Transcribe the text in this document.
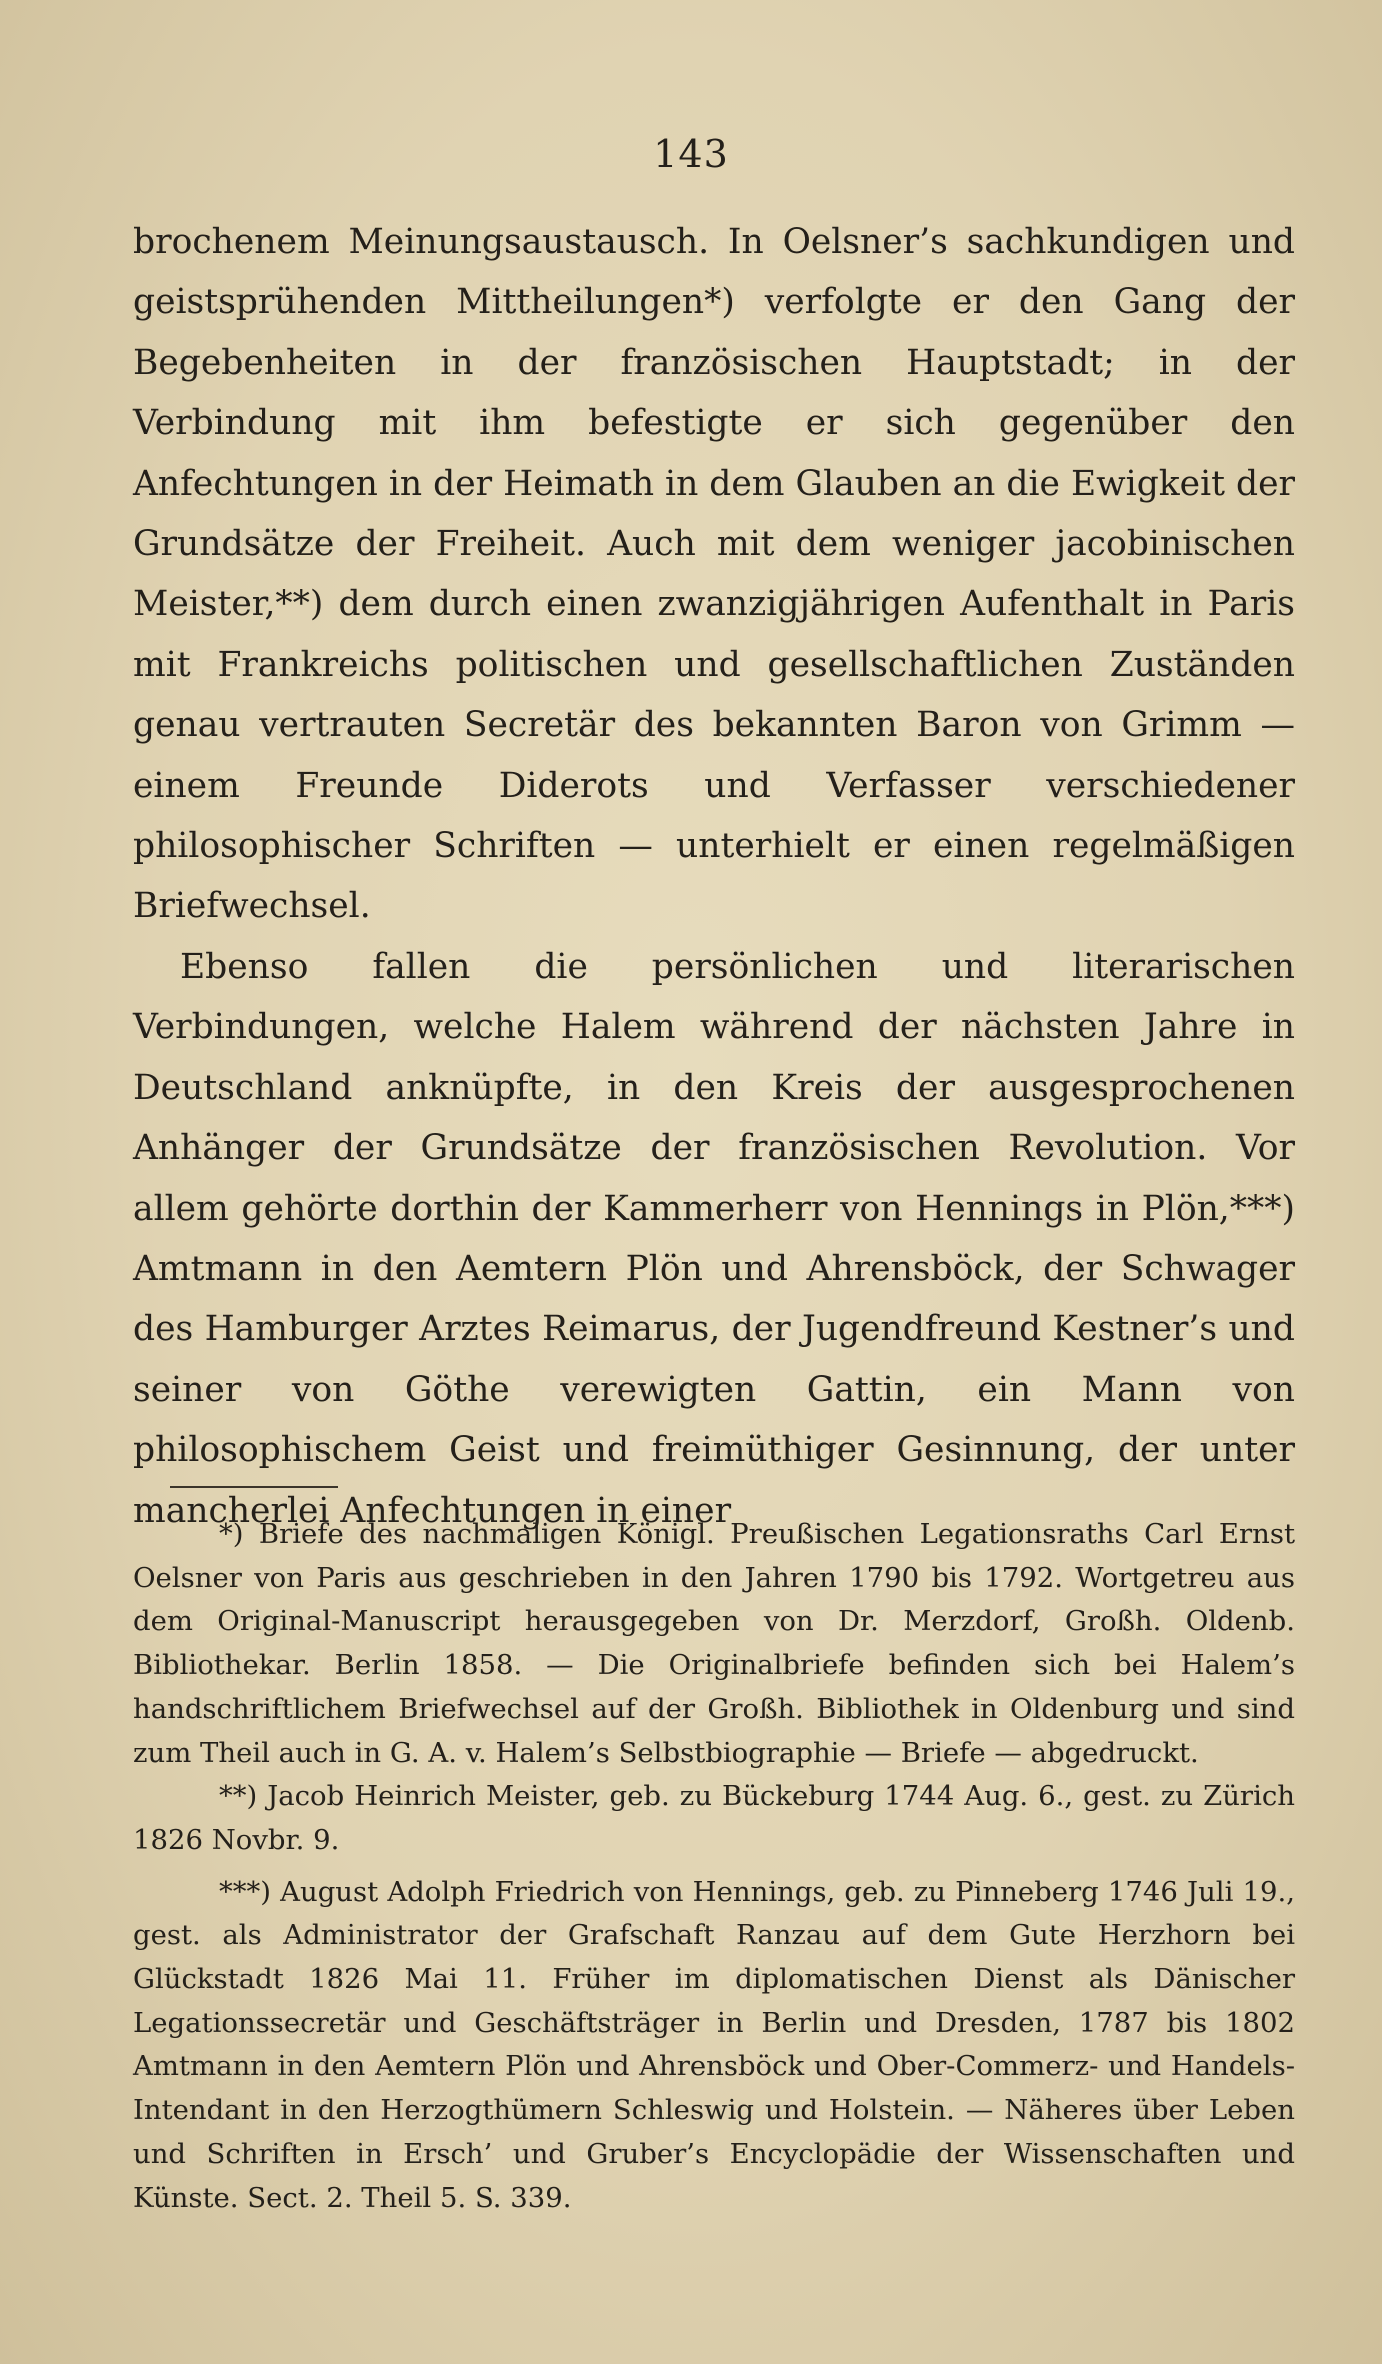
143

brochenem Meinungsaustausch. In Oelsner’s sachkundigen und geistsprühenden Mittheilungen*) verfolgte er den Gang der Begebenheiten in der französischen Hauptstadt; in der Verbindung mit ihm befestigte er sich gegenüber den Anfechtungen in der Heimath in dem Glauben an die Ewigkeit der Grundsätze der Freiheit. Auch mit dem weniger jacobinischen Meister,**) dem durch einen zwanzigjährigen Aufenthalt in Paris mit Frankreichs politischen und gesellschaftlichen Zuständen genau vertrauten Secretär des bekannten Baron von Grimm — einem Freunde Diderots und Verfasser verschiedener philosophischer Schriften — unterhielt er einen regelmäßigen Briefwechsel.

Ebenso fallen die persönlichen und literarischen Verbindungen, welche Halem während der nächsten Jahre in Deutschland anknüpfte, in den Kreis der ausgesprochenen Anhänger der Grundsätze der französischen Revolution. Vor allem gehörte dorthin der Kammerherr von Hennings in Plön,***) Amtmann in den Aemtern Plön und Ahrensböck, der Schwager des Hamburger Arztes Reimarus, der Jugendfreund Kestner’s und seiner von Göthe verewigten Gattin, ein Mann von philosophischem Geist und freimüthiger Gesinnung, der unter mancherlei Anfechtungen in einer

*) Briefe des nachmaligen Königl. Preußischen Legationsraths Carl Ernst Oelsner von Paris aus geschrieben in den Jahren 1790 bis 1792. Wortgetreu aus dem Original-Manuscript herausgegeben von Dr. Merzdorf, Großh. Oldenb. Bibliothekar. Berlin 1858. — Die Originalbriefe befinden sich bei Halem’s handschriftlichem Briefwechsel auf der Großh. Bibliothek in Oldenburg und sind zum Theil auch in G. A. v. Halem’s Selbstbiographie — Briefe — abgedruckt.

**) Jacob Heinrich Meister, geb. zu Bückeburg 1744 Aug. 6., gest. zu Zürich 1826 Novbr. 9.

***) August Adolph Friedrich von Hennings, geb. zu Pinneberg 1746 Juli 19., gest. als Administrator der Grafschaft Ranzau auf dem Gute Herzhorn bei Glückstadt 1826 Mai 11. Früher im diplomatischen Dienst als Dänischer Legationssecretär und Geschäftsträger in Berlin und Dresden, 1787 bis 1802 Amtmann in den Aemtern Plön und Ahrensböck und Ober-Commerz- und Handels-Intendant in den Herzogthümern Schleswig und Holstein. — Näheres über Leben und Schriften in Ersch’ und Gruber’s Encyclopädie der Wissenschaften und Künste. Sect. 2. Theil 5. S. 339.
